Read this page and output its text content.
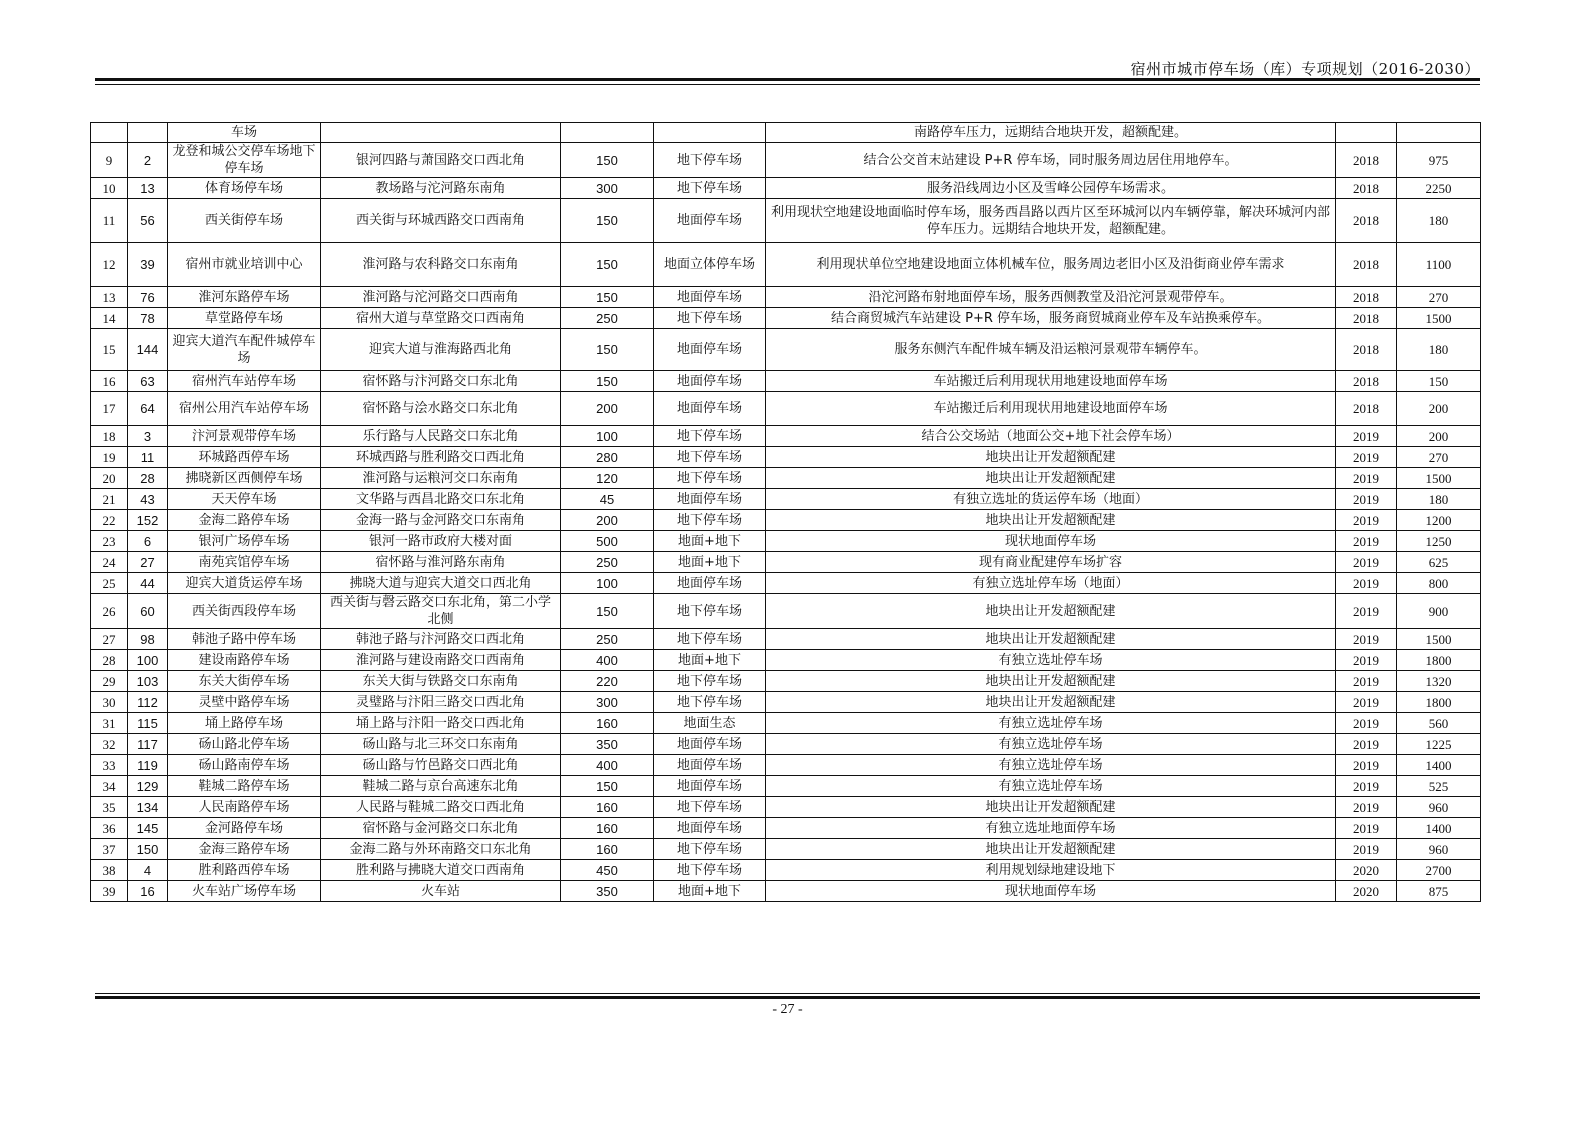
宿州市城市停车场（库）专项规划（2016-2030）
		车场				南路停车压力，远期结合地块开发，超额配建。		
9	2	龙登和城公交停车场地下停车场	银河四路与萧国路交口西北角	150	地下停车场	结合公交首末站建设 P+R 停车场，同时服务周边居住用地停车。	2018	975
10	13	体育场停车场	教场路与沱河路东南角	300	地下停车场	服务沿线周边小区及雪峰公园停车场需求。	2018	2250
11	56	西关街停车场	西关街与环城西路交口西南角	150	地面停车场	利用现状空地建设地面临时停车场，服务西昌路以西片区至环城河以内车辆停靠，解决环城河内部停车压力。远期结合地块开发，超额配建。	2018	180
12	39	宿州市就业培训中心	淮河路与农科路交口东南角	150	地面立体停车场	利用现状单位空地建设地面立体机械车位，服务周边老旧小区及沿街商业停车需求	2018	1100
13	76	淮河东路停车场	淮河路与沱河路交口西南角	150	地面停车场	沿沱河路布射地面停车场，服务西侧教堂及沿沱河景观带停车。	2018	270
14	78	草堂路停车场	宿州大道与草堂路交口西南角	250	地下停车场	结合商贸城汽车站建设 P+R 停车场，服务商贸城商业停车及车站换乘停车。	2018	1500
15	144	迎宾大道汽车配件城停车场	迎宾大道与淮海路西北角	150	地面停车场	服务东侧汽车配件城车辆及沿运粮河景观带车辆停车。	2018	180
16	63	宿州汽车站停车场	宿怀路与汴河路交口东北角	150	地面停车场	车站搬迁后利用现状用地建设地面停车场	2018	150
17	64	宿州公用汽车站停车场	宿怀路与浍水路交口东北角	200	地面停车场	车站搬迁后利用现状用地建设地面停车场	2018	200
18	3	汴河景观带停车场	乐行路与人民路交口东北角	100	地下停车场	结合公交场站（地面公交+地下社会停车场）	2019	200
19	11	环城路西停车场	环城西路与胜利路交口西北角	280	地下停车场	地块出让开发超额配建	2019	270
20	28	拂晓新区西侧停车场	淮河路与运粮河交口东南角	120	地下停车场	地块出让开发超额配建	2019	1500
21	43	天天停车场	文华路与西昌北路交口东北角	45	地面停车场	有独立选址的货运停车场（地面）	2019	180
22	152	金海二路停车场	金海一路与金河路交口东南角	200	地下停车场	地块出让开发超额配建	2019	1200
23	6	银河广场停车场	银河一路市政府大楼对面	500	地面+地下	现状地面停车场	2019	1250
24	27	南苑宾馆停车场	宿怀路与淮河路东南角	250	地面+地下	现有商业配建停车场扩容	2019	625
25	44	迎宾大道货运停车场	拂晓大道与迎宾大道交口西北角	100	地面停车场	有独立选址停车场（地面）	2019	800
26	60	西关街西段停车场	西关街与磬云路交口东北角，第二小学北侧	150	地下停车场	地块出让开发超额配建	2019	900
27	98	韩池子路中停车场	韩池子路与汴河路交口西北角	250	地下停车场	地块出让开发超额配建	2019	1500
28	100	建设南路停车场	淮河路与建设南路交口西南角	400	地面+地下	有独立选址停车场	2019	1800
29	103	东关大街停车场	东关大街与铁路交口东南角	220	地下停车场	地块出让开发超额配建	2019	1320
30	112	灵壁中路停车场	灵璧路与汴阳三路交口西北角	300	地下停车场	地块出让开发超额配建	2019	1800
31	115	埇上路停车场	埇上路与汴阳一路交口西北角	160	地面生态	有独立选址停车场	2019	560
32	117	砀山路北停车场	砀山路与北三环交口东南角	350	地面停车场	有独立选址停车场	2019	1225
33	119	砀山路南停车场	砀山路与竹邑路交口西北角	400	地面停车场	有独立选址停车场	2019	1400
34	129	鞋城二路停车场	鞋城二路与京台高速东北角	150	地面停车场	有独立选址停车场	2019	525
35	134	人民南路停车场	人民路与鞋城二路交口西北角	160	地下停车场	地块出让开发超额配建	2019	960
36	145	金河路停车场	宿怀路与金河路交口东北角	160	地面停车场	有独立选址地面停车场	2019	1400
37	150	金海三路停车场	金海二路与外环南路交口东北角	160	地下停车场	地块出让开发超额配建	2019	960
38	4	胜利路西停车场	胜利路与拂晓大道交口西南角	450	地下停车场	利用规划绿地建设地下	2020	2700
39	16	火车站广场停车场	火车站	350	地面+地下	现状地面停车场	2020	875
- 27 -
